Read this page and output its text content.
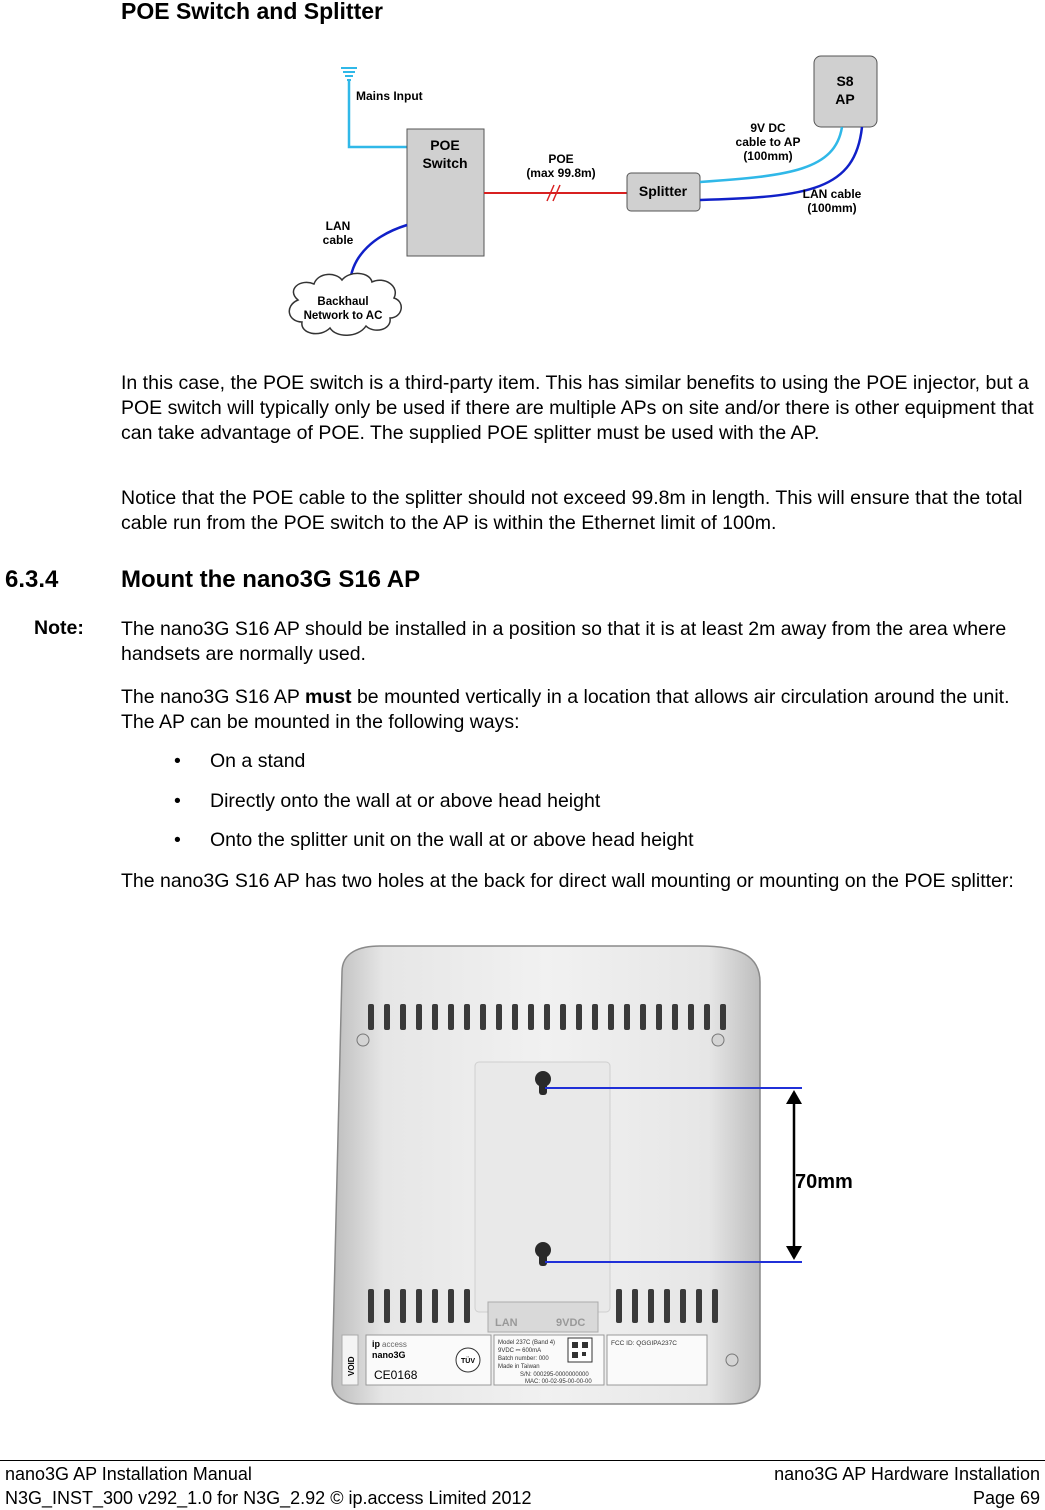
POE Switch and Splitter
Mains Input
POE
Switch	POE
(max 99.8m)
Splitter
S8
AP
9V DC
cable to AP
(100mm)
LAN cable
(100mm)
LAN
cable
Backhaul
Network to AC
In this case, the POE switch is a third-party item. This has similar benefits to using the POE injector, but a POE switch will typically only be used if there are multiple APs on site and/or there is other equipment that can take advantage of POE. The supplied POE splitter must be used with the AP.
Notice that the POE cable to the splitter should not exceed 99.8m in length. This will ensure that the total cable run from the POE switch to the AP is within the Ethernet limit of 100m.
6.3.4	Mount the nano3G S16 AP
Note: The nano3G S16 AP should be installed in a position so that it is at least 2m away from the area where handsets are normally used.
The nano3G S16 AP must be mounted vertically in a location that allows air circulation around the unit. The AP can be mounted in the following ways:
• On a stand
• Directly onto the wall at or above head height
• Onto the splitter unit on the wall at or above head height
The nano3G S16 AP has two holes at the back for direct wall mounting or mounting on the POE splitter:
70mm
LAN	9VDC
VOID
ip access
nano3G
CE0168
TÜV
Model 237C (Band 4)
9VDC ⎓ 600mA
Batch number: 000
Made in Taiwan
S/N: 000295-0000000000
MAC: 00-02-95-00-00-00
FCC ID: QGGIPA237C
nano3G AP Installation Manual
N3G_INST_300 v292_1.0 for N3G_2.92 © ip.access Limited 2012
nano3G AP Hardware Installation
Page 69
